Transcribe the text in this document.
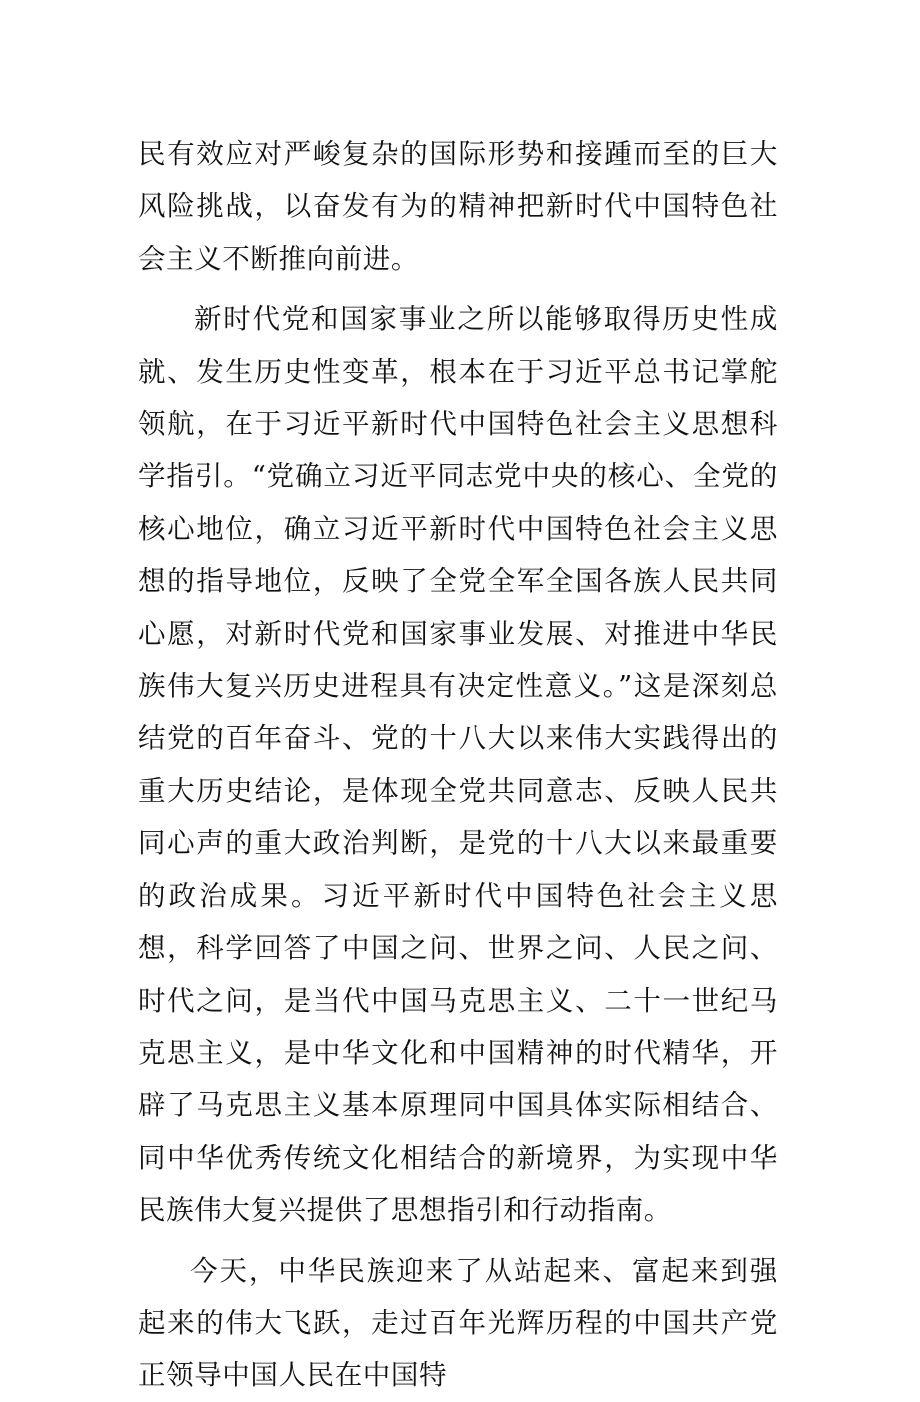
民有效应对严峻复杂的国际形势和接踵而至的巨大风险挑战，以奋发有为的精神把新时代中国特色社会主义不断推向前进。

新时代党和国家事业之所以能够取得历史性成就、发生历史性变革，根本在于习近平总书记掌舵领航，在于习近平新时代中国特色社会主义思想科学指引。“党确立习近平同志党中央的核心、全党的核心地位，确立习近平新时代中国特色社会主义思想的指导地位，反映了全党全军全国各族人民共同心愿，对新时代党和国家事业发展、对推进中华民族伟大复兴历史进程具有决定性意义。”这是深刻总结党的百年奋斗、党的十八大以来伟大实践得出的重大历史结论，是体现全党共同意志、反映人民共同心声的重大政治判断，是党的十八大以来最重要的政治成果。习近平新时代中国特色社会主义思想，科学回答了中国之问、世界之问、人民之问、时代之问，是当代中国马克思主义、二十一世纪马克思主义，是中华文化和中国精神的时代精华，开辟了马克思主义基本原理同中国具体实际相结合、同中华优秀传统文化相结合的新境界，为实现中华民族伟大复兴提供了思想指引和行动指南。

今天，中华民族迎来了从站起来、富起来到强起来的伟大飞跃，走过百年光辉历程的中国共产党正领导中国人民在中国特
